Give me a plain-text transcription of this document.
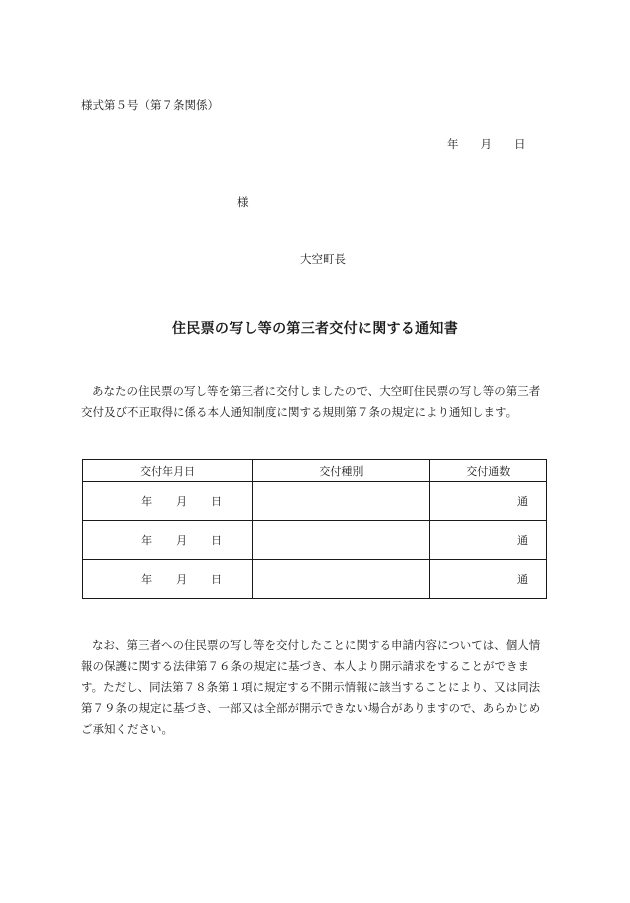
様式第５号（第７条関係）
年 月 日
様
大空町長
住民票の写し等の第三者交付に関する通知書
あなたの住民票の写し等を第三者に交付しましたので、大空町住民票の写し等の第三者交付及び不正取得に係る本人通知制度に関する規則第７条の規定により通知します。
交付年月日	交付種別	交付通数
年 月 日		通
年 月 日		通
年 月 日		通
なお、第三者への住民票の写し等を交付したことに関する申請内容については、個人情報の保護に関する法律第７６条の規定に基づき、本人より開示請求をすることができます。ただし、同法第７８条第１項に規定する不開示情報に該当することにより、又は同法第７９条の規定に基づき、一部又は全部が開示できない場合がありますので、あらかじめご承知ください。
